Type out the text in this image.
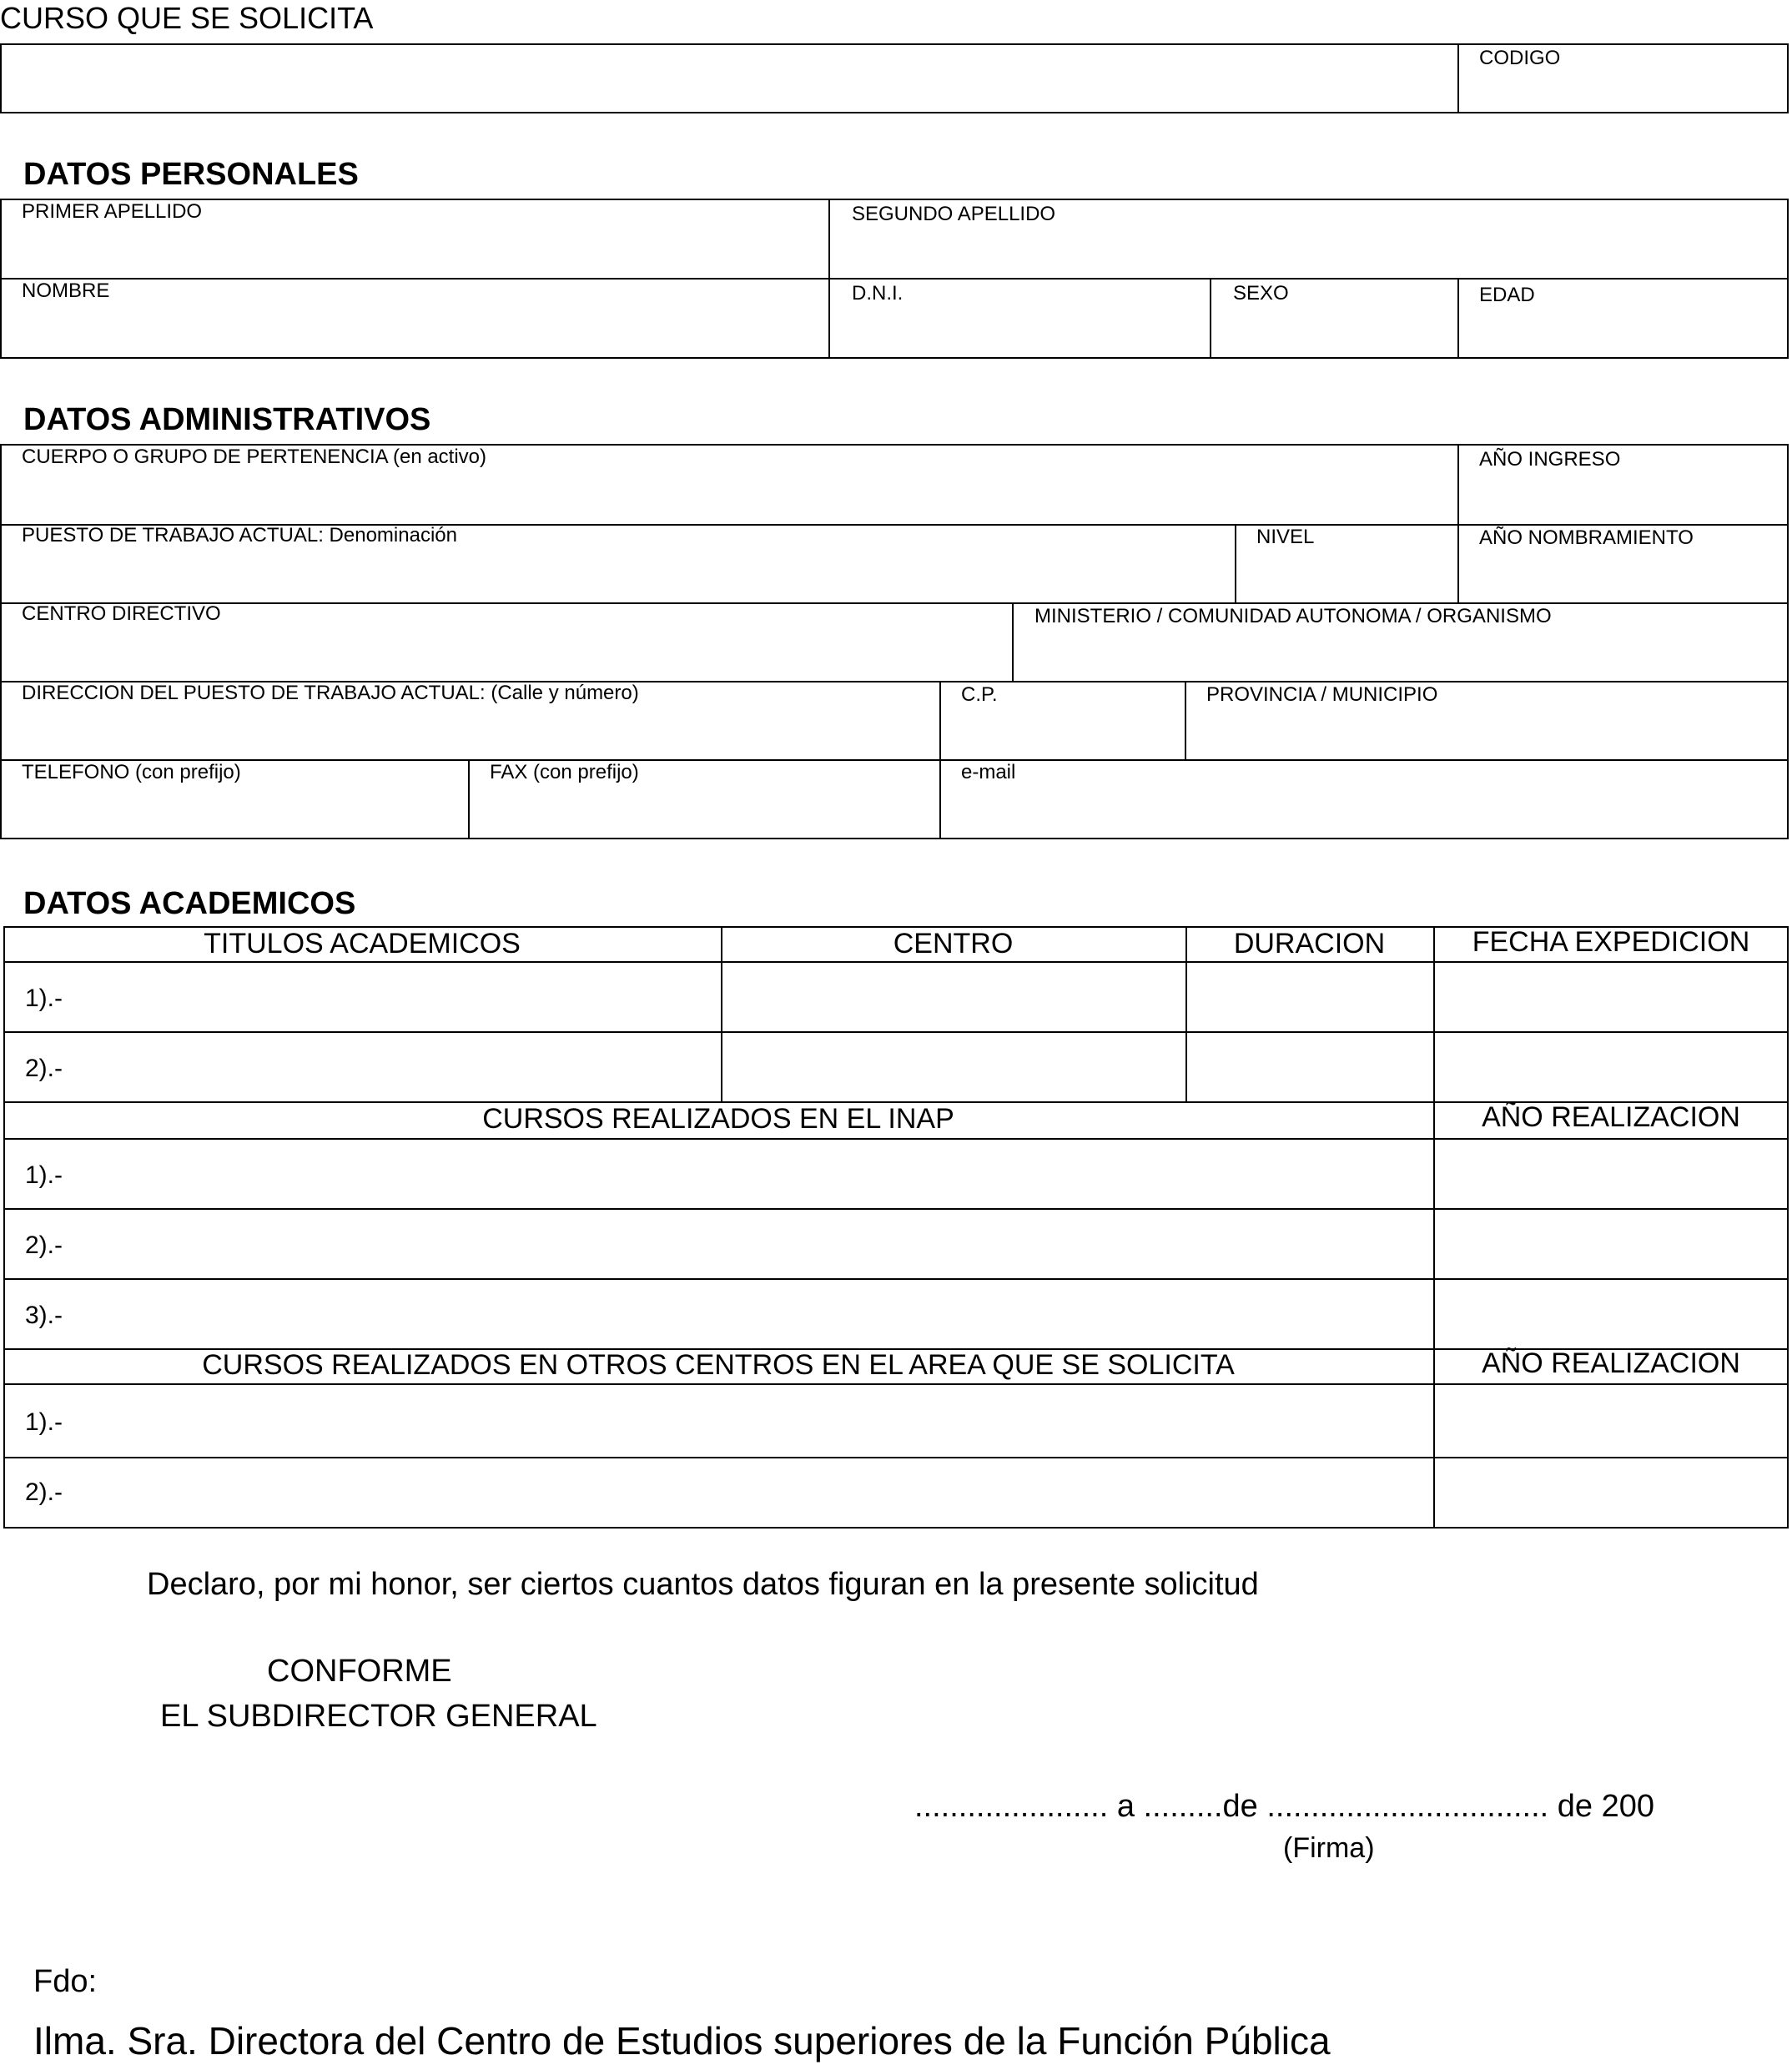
CURSO QUE SE SOLICITA
CODIGO
DATOS PERSONALES
PRIMER APELLIDO	SEGUNDO APELLIDO
NOMBRE	D.N.I.	SEXO	EDAD
DATOS ADMINISTRATIVOS
CUERPO O GRUPO DE PERTENENCIA (en activo)	AÑO INGRESO
PUESTO DE TRABAJO ACTUAL: Denominación	NIVEL	AÑO NOMBRAMIENTO
CENTRO DIRECTIVO	MINISTERIO / COMUNIDAD AUTONOMA / ORGANISMO
DIRECCION DEL PUESTO DE TRABAJO ACTUAL: (Calle y número)	C.P.	PROVINCIA / MUNICIPIO
TELEFONO (con prefijo)	FAX (con prefijo)	e-mail
DATOS ACADEMICOS
TITULOS ACADEMICOS	CENTRO	DURACION	FECHA EXPEDICION
1).-
2).-
CURSOS REALIZADOS EN EL INAP	AÑO REALIZACION
1).-
2).-
3).-
CURSOS REALIZADOS EN OTROS CENTROS EN EL AREA QUE SE SOLICITA	AÑO REALIZACION
1).-
2).-
Declaro, por mi honor, ser ciertos cuantos datos figuran en la presente solicitud
CONFORME
EL SUBDIRECTOR GENERAL
...................... a .........de ................................ de 200
(Firma)
Fdo:
Ilma. Sra. Directora del Centro de Estudios superiores de la Función Pública
